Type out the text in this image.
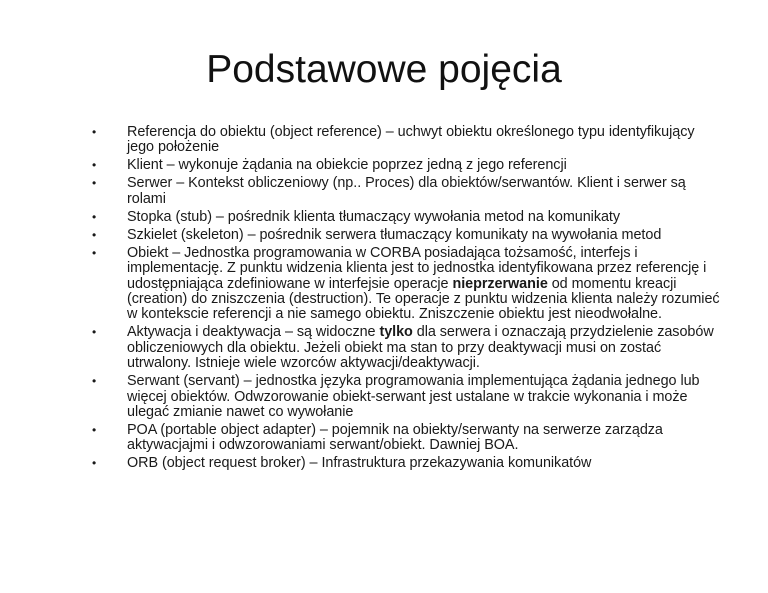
Podstawowe pojęcia
• Referencja do obiektu (object reference) – uchwyt obiektu określonego typu identyfikujący jego położenie
• Klient – wykonuje żądania na obiekcie poprzez jedną z jego referencji
• Serwer – Kontekst obliczeniowy (np.. Proces) dla obiektów/serwantów. Klient i serwer są rolami
• Stopka (stub) – pośrednik klienta tłumaczący wywołania metod na komunikaty
• Szkielet (skeleton) – pośrednik serwera tłumaczący komunikaty na wywołania metod
• Obiekt – Jednostka programowania w CORBA posiadająca tożsamość, interfejs i implementację. Z punktu widzenia klienta jest to jednostka identyfikowana przez referencję i udostępniająca zdefiniowane w interfejsie operacje nieprzerwanie od momentu kreacji (creation) do zniszczenia (destruction). Te operacje z punktu widzenia klienta należy rozumieć w kontekscie referencji a nie samego obiektu. Zniszczenie obiektu jest nieodwołalne.
• Aktywacja i deaktywacja – są widoczne tylko dla serwera i oznaczają przydzielenie zasobów obliczeniowych dla obiektu. Jeżeli obiekt ma stan to przy deaktywacji musi on zostać utrwalony. Istnieje wiele wzorców aktywacji/deaktywacji.
• Serwant (servant) – jednostka języka programowania implementująca żądania jednego lub więcej obiektów. Odwzorowanie obiekt-serwant jest ustalane w trakcie wykonania i może ulegać zmianie nawet co wywołanie
• POA (portable object adapter) – pojemnik na obiekty/serwanty na serwerze zarządza aktywacjajmi i odwzorowaniami serwant/obiekt. Dawniej BOA.
• ORB (object request broker) – Infrastruktura przekazywania komunikatów
